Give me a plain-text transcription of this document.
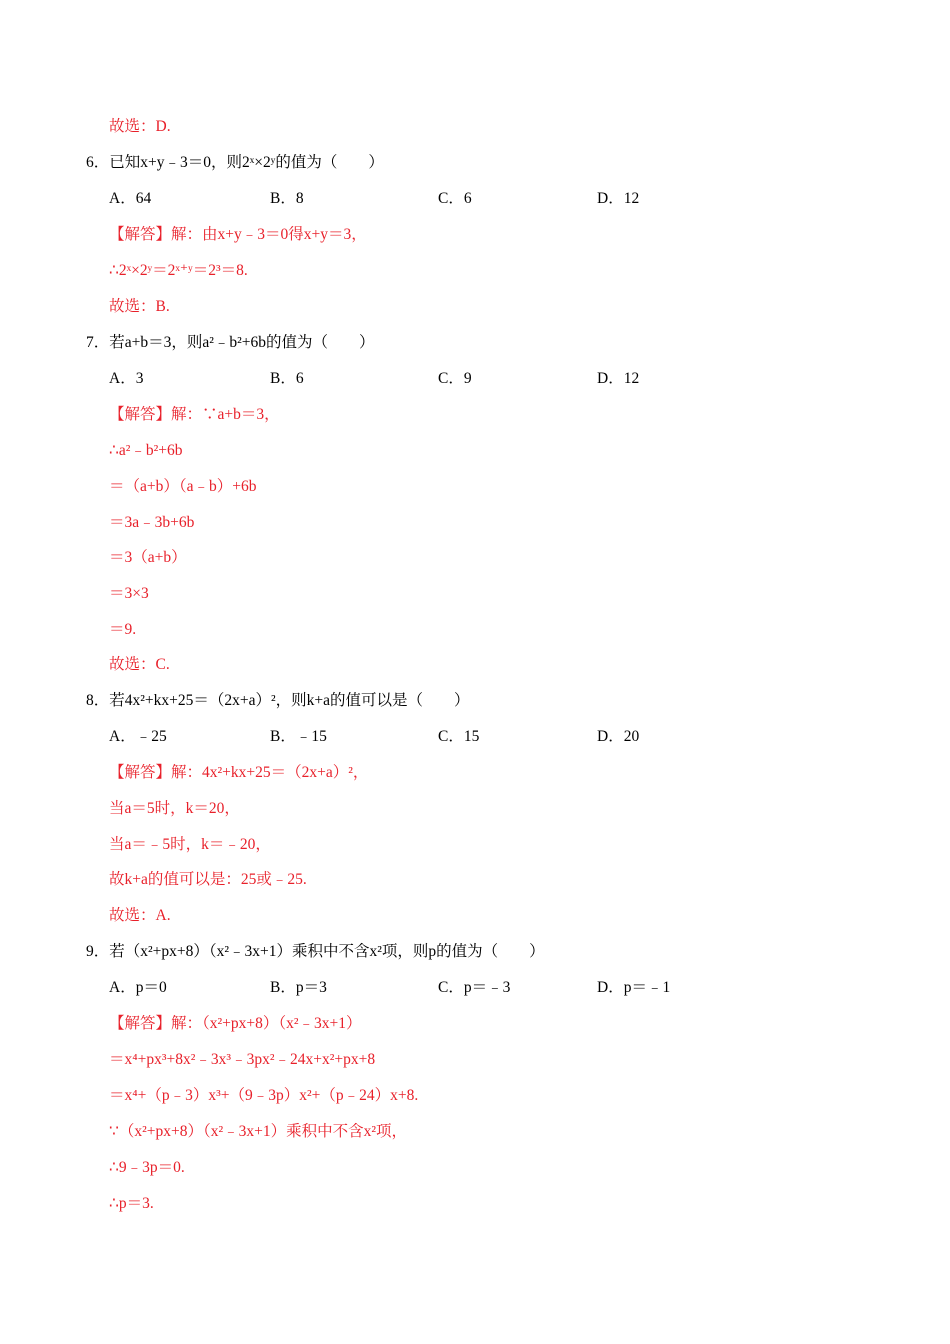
故选：D.
6．已知x+y﹣3＝0，则2ˣ×2ʸ的值为（　　）
A．64	B．8	C．6	D．12
【解答】解：由x+y﹣3＝0得x+y＝3，
∴2ˣ×2ʸ＝2ˣ⁺ʸ＝2³＝8.
故选：B.
7．若a+b＝3，则a²﹣b²+6b的值为（　　）
A．3	B．6	C．9	D．12
【解答】解：∵a+b＝3，
∴a²﹣b²+6b
＝（a+b）（a﹣b）+6b
＝3a﹣3b+6b
＝3（a+b）
＝3×3
＝9.
故选：C.
8．若4x²+kx+25＝（2x+a）²，则k+a的值可以是（　　）
A．﹣25	B．﹣15	C．15	D．20
【解答】解：4x²+kx+25＝（2x+a）²，
当a＝5时，k＝20，
当a＝﹣5时，k＝﹣20，
故k+a的值可以是：25或﹣25.
故选：A.
9．若（x²+px+8）（x²﹣3x+1）乘积中不含x²项，则p的值为（　　）
A．p＝0	B．p＝3	C．p＝﹣3	D．p＝﹣1
【解答】解：（x²+px+8）（x²﹣3x+1）
＝x⁴+px³+8x²﹣3x³﹣3px²﹣24x+x²+px+8
＝x⁴+（p﹣3）x³+（9﹣3p）x²+（p﹣24）x+8.
∵（x²+px+8）（x²﹣3x+1）乘积中不含x²项，
∴9﹣3p＝0.
∴p＝3.
